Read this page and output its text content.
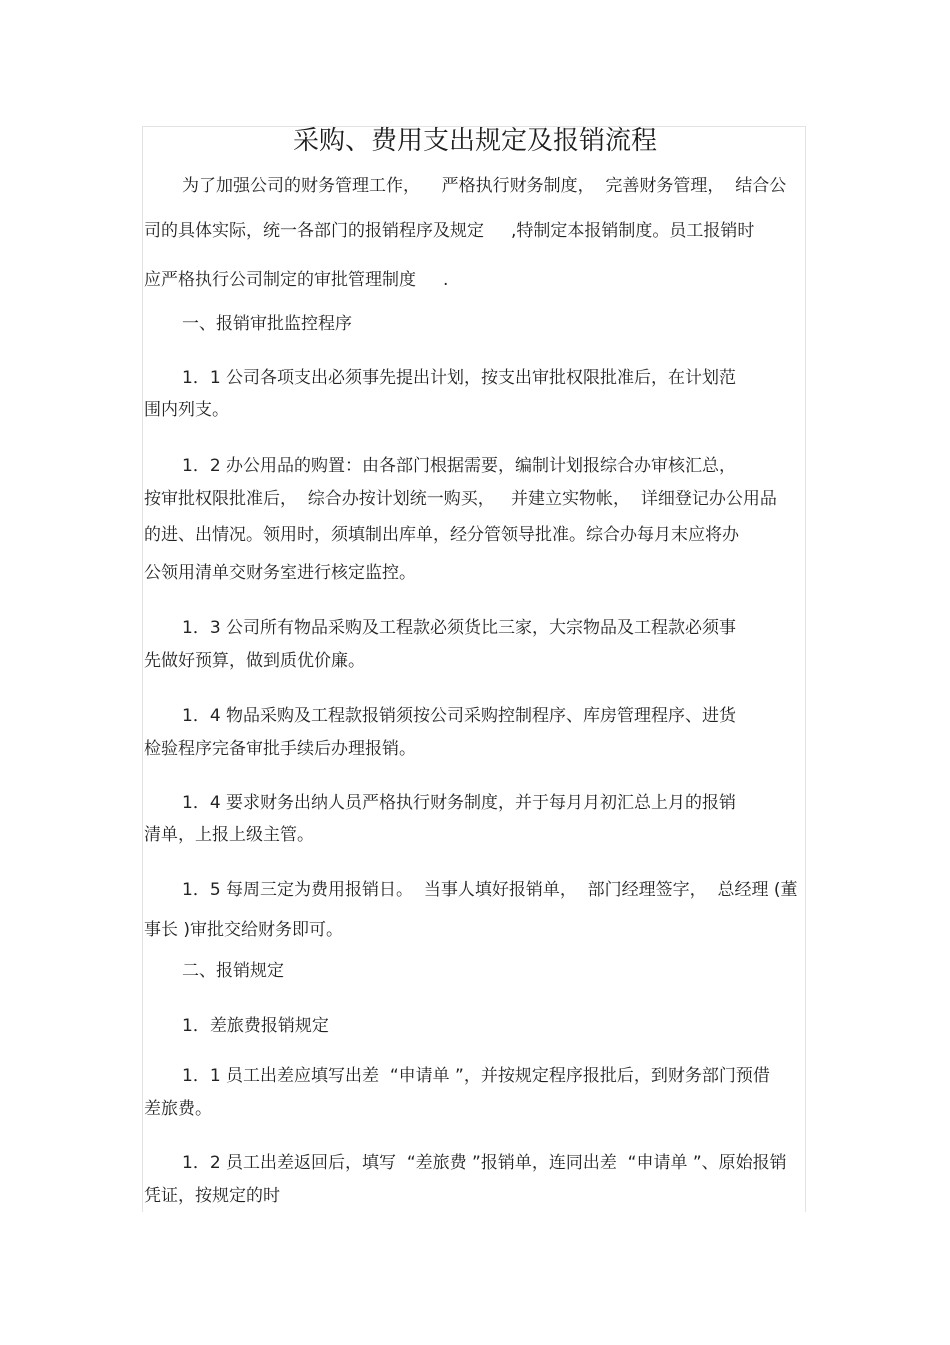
采购、费用支出规定及报销流程
为了加强公司的财务管理工作，    严格执行财务制度，  完善财务管理，  结合公
司的具体实际，统一各部门的报销程序及规定     ,特制定本报销制度。员工报销时
应严格执行公司制定的审批管理制度     .
一、报销审批监控程序
1．1 公司各项支出必须事先提出计划，按支出审批权限批准后，在计划范
围内列支。
1．2 办公用品的购置：由各部门根据需要，编制计划报综合办审核汇总，
按审批权限批准后，  综合办按计划统一购买，   并建立实物帐，  详细登记办公用品
的进、出情况。领用时，须填制出库单，经分管领导批准。综合办每月末应将办
公领用清单交财务室进行核定监控。
1．3 公司所有物品采购及工程款必须货比三家，大宗物品及工程款必须事
先做好预算，做到质优价廉。
1．4 物品采购及工程款报销须按公司采购控制程序、库房管理程序、进货
检验程序完备审批手续后办理报销。
1．4 要求财务出纳人员严格执行财务制度，并于每月月初汇总上月的报销
清单，上报上级主管。
1．5 每周三定为费用报销日。  当事人填好报销单，  部门经理签字，  总经理 (董
事长 )审批交给财务即可。
二、报销规定
1．差旅费报销规定
1．1 员工出差应填写出差  “申请单 ”，并按规定程序报批后，到财务部门预借
差旅费。
1．2 员工出差返回后，填写  “差旅费 ”报销单，连同出差  “申请单 ”、原始报销
凭证，按规定的时
